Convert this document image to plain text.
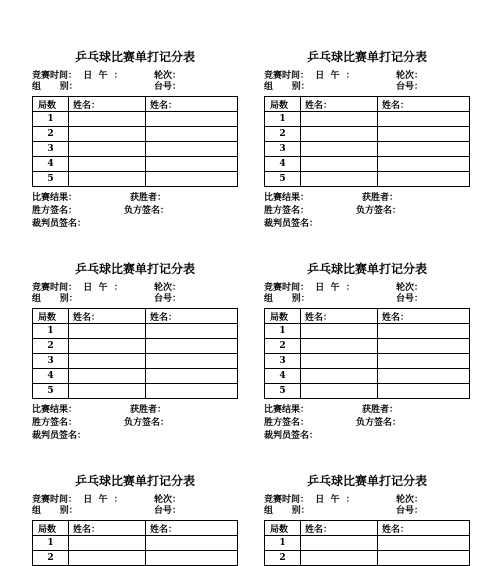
乒乓球比赛单打记分表
竞赛时间：  日  午  ：	轮次：
组      别：	台号：
局数	姓名：	姓名：
1		
2		
3		
4		
5		
比赛结果：	获胜者：
胜方签名：	负方签名：
裁判员签名：
乒乓球比赛单打记分表
竞赛时间：  日  午  ：	轮次：
组      别：	台号：
局数	姓名：	姓名：
1		
2		
3		
4		
5		
比赛结果：	获胜者：
胜方签名：	负方签名：
裁判员签名：
乒乓球比赛单打记分表
竞赛时间：  日  午  ：	轮次：
组      别：	台号：
局数	姓名：	姓名：
1		
2		
3		
4		
5		
比赛结果：	获胜者：
胜方签名：	负方签名：
裁判员签名：
乒乓球比赛单打记分表
竞赛时间：  日  午  ：	轮次：
组      别：	台号：
局数	姓名：	姓名：
1		
2		
3		
4		
5		
比赛结果：	获胜者：
胜方签名：	负方签名：
裁判员签名：
乒乓球比赛单打记分表
竞赛时间：  日  午  ：	轮次：
组      别：	台号：
局数	姓名：	姓名：
1		
2		
乒乓球比赛单打记分表
竞赛时间：  日  午  ：	轮次：
组      别：	台号：
局数	姓名：	姓名：
1		
2		
